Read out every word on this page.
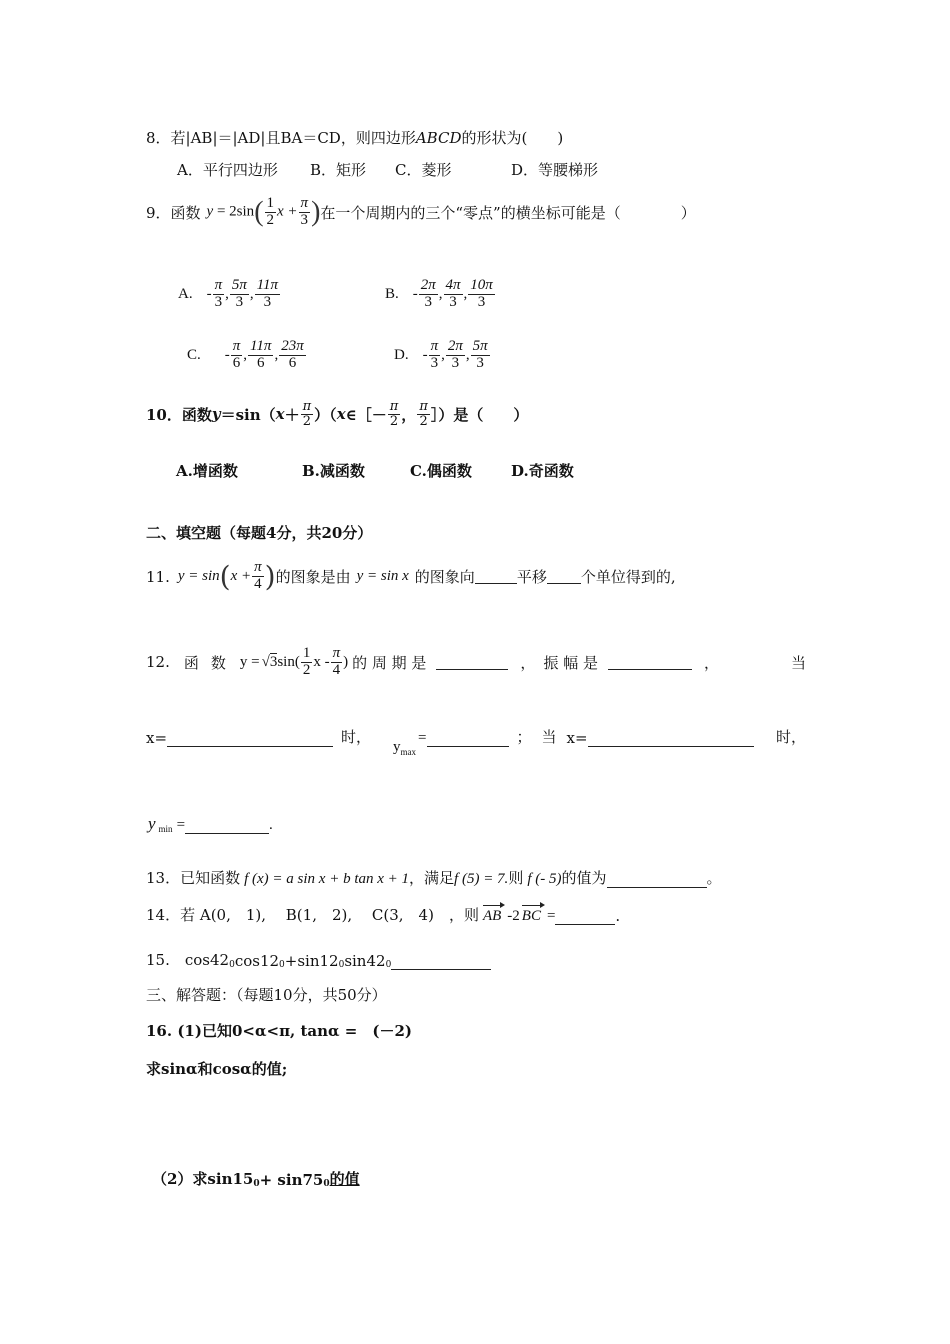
8．若|AB|＝|AD|且BA＝CD，则四边形ABCD的形状为(　　)
A．平行四边形 B．矩形 C．菱形	D．等腰梯形
9．函数 $y = 2\sin( \frac{1}{2}$ $x + \frac{\pi}{3}$ ) 在一个周期内的三个“零点”的横坐标可能是（　　　　）
A. - $\frac{\pi}{3}$ , $\frac{5\pi}{3}$ , $\frac{11\pi}{3}$	B. - $\frac{2\pi}{3}$ , $\frac{4\pi}{3}$ , $\frac{10\pi}{3}$
C. - $\frac{\pi}{6}$ , $\frac{11\pi}{6}$ , $\frac{23\pi}{6}$	D. - $\frac{\pi}{3}$ , $\frac{2\pi}{3}$ , $\frac{5\pi}{3}$
10．函数 y ＝sin（ $x + \frac{\pi}{2}$ ）（ x ∈［－ $\frac{\pi}{2}$ ， $\frac{\pi}{2}$ ］）是（　　）
A.增函数	B.减函数	C.偶函数	D.奇函数
二、填空题（每题4分，共20分）
11. y = sin ( $x + \frac{\pi}{4}$ ) 的图象是由 y = sin x 的图象向	平移 个单位得到的,
12. 函 数 y = √3 $\sin( \frac{1}{2}$ x - $\frac{\pi}{4}$ ) 的 周 期 是	， 振 幅 是	，	当
x=	时，
$y_{max}$
=	； 当 x=	时，
y $_{min}$ =	.
13．已知函数 f (x) = a sin x + b tan x + 1 ，满足 f (5) = 7. 则 f (- 5) 的值为	。
14．若 A(0,　1),　 B(1,　2),　 C(3,　4)　，则 AB -2 BC =	.
15.　$\cos 42_0$ $\cos 12_0 +\sin 12_0$ $\sin 42_0$
三、解答题：（每题10分，共50分）
16. (1)已知0<α<π, tanα =　(－2)
求sinα和cosα的值;
（2）求$\sin 15_0 + \sin 75_0$ 的值
